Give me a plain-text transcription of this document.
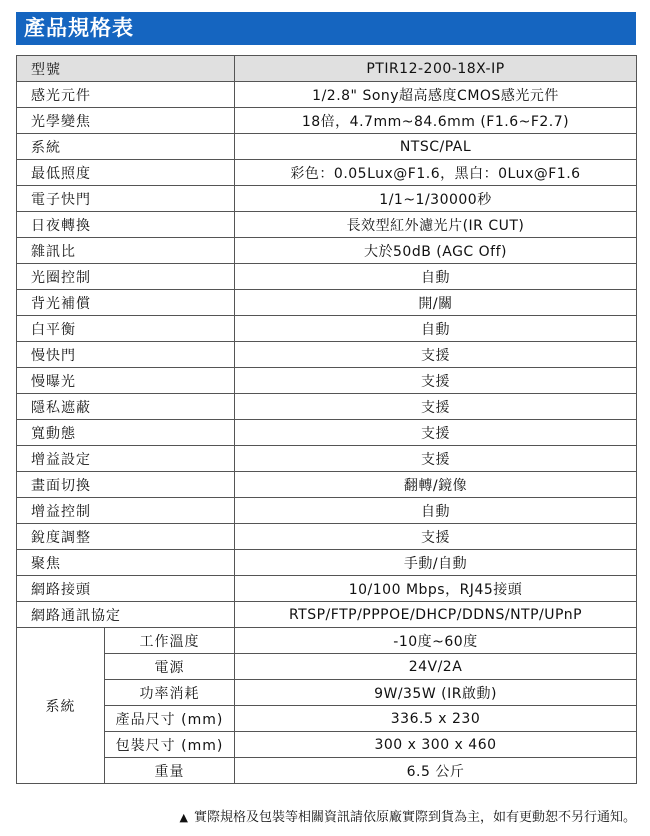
產品規格表
型號		PTIR12-200-18X-IP
感光元件		1/2.8" Sony超高感度CMOS感光元件
光學變焦		18倍，4.7mm~84.6mm (F1.6~F2.7)
系統		NTSC/PAL
最低照度		彩色：0.05Lux@F1.6，黑白：0Lux@F1.6
電子快門		1/1~1/30000秒
日夜轉換		長效型紅外濾光片(IR CUT)
雜訊比		大於50dB (AGC Off)
光圈控制		自動
背光補償		開/關
白平衡		自動
慢快門		支援
慢曝光		支援
隱私遮蔽		支援
寬動態		支援
增益設定		支援
畫面切換		翻轉/鏡像
增益控制		自動
銳度調整		支援
聚焦		手動/自動
網路接頭		10/100 Mbps，RJ45接頭
網路通訊協定		RTSP/FTP/PPPOE/DHCP/DDNS/NTP/UPnP
系統	工作溫度	-10度~60度
	電源	24V/2A
	功率消耗	9W/35W (IR啟動)
	產品尺寸 (mm)	336.5 x 230
	包裝尺寸 (mm)	300 x 300 x 460
	重量	6.5 公斤
▲ 實際規格及包裝等相關資訊請依原廠實際到貨為主，如有更動恕不另行通知。
